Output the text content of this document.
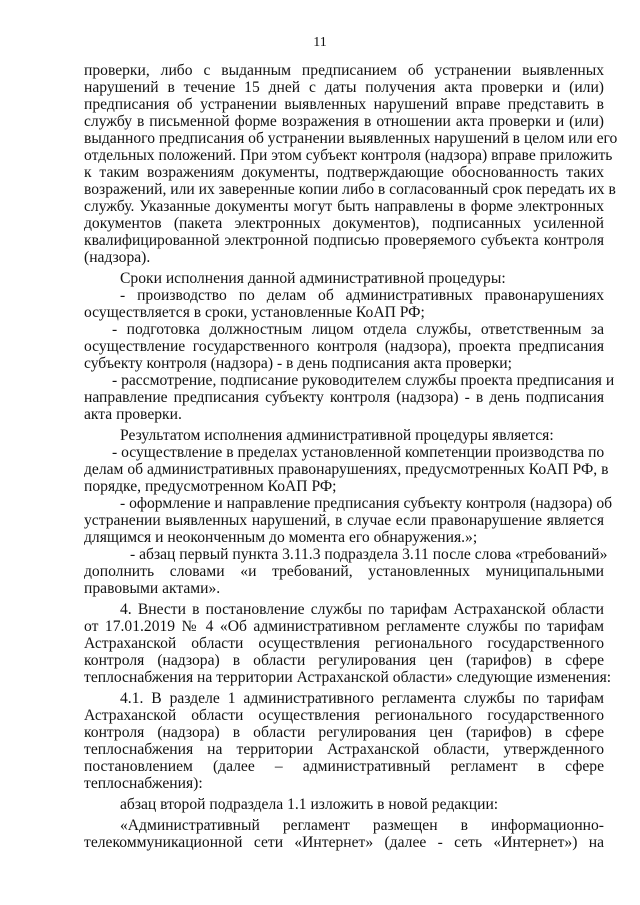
11
проверки, либо с выданным предписанием об устранении выявленных
нарушений в течение 15 дней с даты получения акта проверки и (или)
предписания об устранении выявленных нарушений вправе представить в
службу в письменной форме возражения в отношении акта проверки и (или)
выданного предписания об устранении выявленных нарушений в целом или его
отдельных положений. При этом субъект контроля (надзора) вправе приложить
к таким возражениям документы, подтверждающие обоснованность таких
возражений, или их заверенные копии либо в согласованный срок передать их в
службу. Указанные документы могут быть направлены в форме электронных
документов (пакета электронных документов), подписанных усиленной
квалифицированной электронной подписью проверяемого субъекта контроля
(надзора).
Сроки исполнения данной административной процедуры:
- производство по делам об административных правонарушениях
осуществляется в сроки, установленные КоАП РФ;
- подготовка должностным лицом отдела службы, ответственным за
осуществление государственного контроля (надзора), проекта предписания
субъекту контроля (надзора) - в день подписания акта проверки;
- рассмотрение, подписание руководителем службы проекта предписания и
направление предписания субъекту контроля (надзора) - в день подписания
акта проверки.
Результатом исполнения административной процедуры является:
- осуществление в пределах установленной компетенции производства по
делам об административных правонарушениях, предусмотренных КоАП РФ, в
порядке, предусмотренном КоАП РФ;
- оформление и направление предписания субъекту контроля (надзора) об
устранении выявленных нарушений, в случае если правонарушение является
длящимся и неоконченным до момента его обнаружения.»;
- абзац первый пункта 3.11.3 подраздела 3.11 после слова «требований»
дополнить словами «и требований, установленных муниципальными
правовыми актами».
4. Внести в постановление службы по тарифам Астраханской области
от 17.01.2019 № 4 «Об административном регламенте службы по тарифам
Астраханской области осуществления регионального государственного
контроля (надзора) в области регулирования цен (тарифов) в сфере
теплоснабжения на территории Астраханской области» следующие изменения:
4.1. В разделе 1 административного регламента службы по тарифам
Астраханской области осуществления регионального государственного
контроля (надзора) в области регулирования цен (тарифов) в сфере
теплоснабжения на территории Астраханской области, утвержденного
постановлением (далее – административный регламент в сфере
теплоснабжения):
абзац второй подраздела 1.1 изложить в новой редакции:
«Административный регламент размещен в информационно-
телекоммуникационной сети «Интернет» (далее - сеть «Интернет») на
